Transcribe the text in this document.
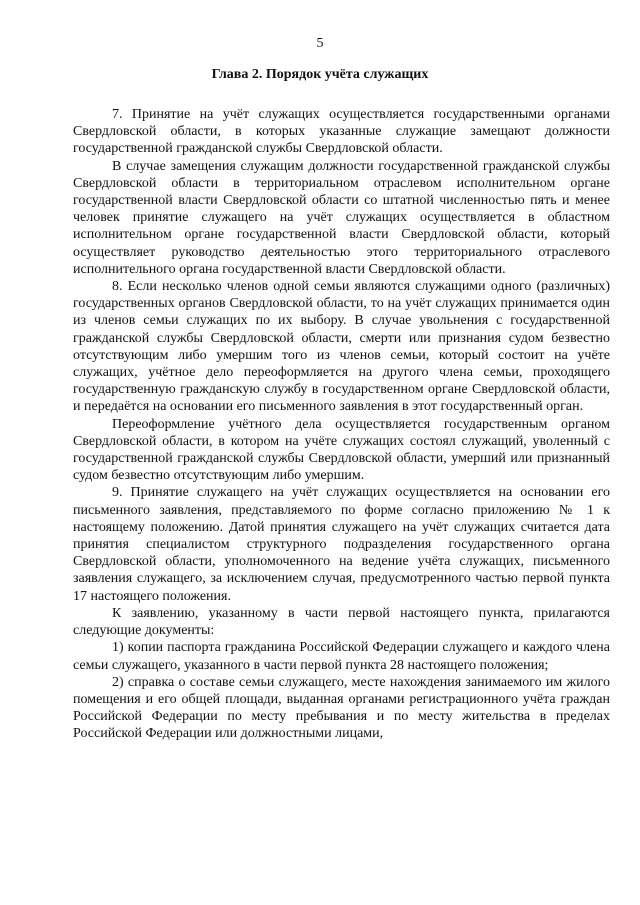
5
Глава 2. Порядок учёта служащих

7. Принятие на учёт служащих осуществляется государственными органами Свердловской области, в которых указанные служащие замещают должности государственной гражданской службы Свердловской области.

В случае замещения служащим должности государственной гражданской службы Свердловской области в территориальном отраслевом исполнительном органе государственной власти Свердловской области со штатной численностью пять и менее человек принятие служащего на учёт служащих осуществляется в областном исполнительном органе государственной власти Свердловской области, который осуществляет руководство деятельностью этого территориального отраслевого исполнительного органа государственной власти Свердловской области.

8. Если несколько членов одной семьи являются служащими одного (различных) государственных органов Свердловской области, то на учёт служащих принимается один из членов семьи служащих по их выбору. В случае увольнения с государственной гражданской службы Свердловской области, смерти или признания судом безвестно отсутствующим либо умершим того из членов семьи, который состоит на учёте служащих, учётное дело переоформляется на другого члена семьи, проходящего государственную гражданскую службу в государственном органе Свердловской области, и передаётся на основании его письменного заявления в этот государственный орган.

Переоформление учётного дела осуществляется государственным органом Свердловской области, в котором на учёте служащих состоял служащий, уволенный с государственной гражданской службы Свердловской области, умерший или признанный судом безвестно отсутствующим либо умершим.

9. Принятие служащего на учёт служащих осуществляется на основании его письменного заявления, представляемого по форме согласно приложению № 1 к настоящему положению. Датой принятия служащего на учёт служащих считается дата принятия специалистом структурного подразделения государственного органа Свердловской области, уполномоченного на ведение учёта служащих, письменного заявления служащего, за исключением случая, предусмотренного частью первой пункта 17 настоящего положения.

К заявлению, указанному в части первой настоящего пункта, прилагаются следующие документы:

1) копии паспорта гражданина Российской Федерации служащего и каждого члена семьи служащего, указанного в части первой пункта 28 настоящего положения;

2) справка о составе семьи служащего, месте нахождения занимаемого им жилого помещения и его общей площади, выданная органами регистрационного учёта граждан Российской Федерации по месту пребывания и по месту жительства в пределах Российской Федерации или должностными лицами,
